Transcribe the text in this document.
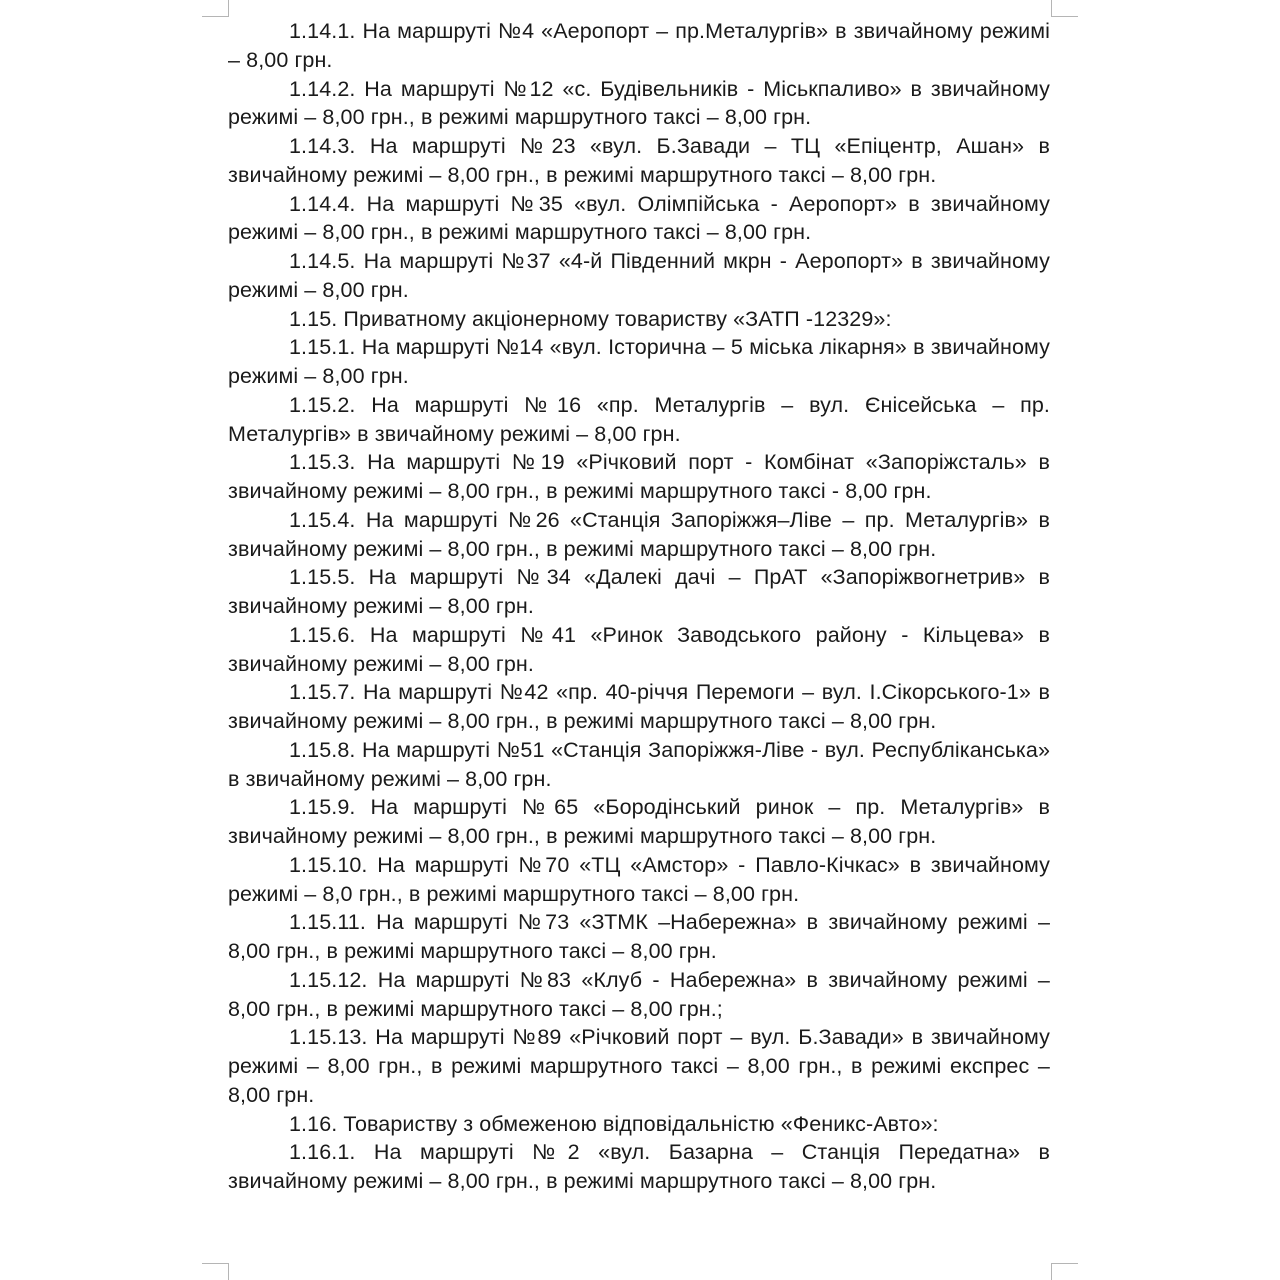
1.14.1. На маршруті №4 «Аеропорт – пр.Металургів» в звичайному режимі – 8,00 грн.

1.14.2. На маршруті №12 «с. Будівельників - Міськпаливо» в звичайному режимі – 8,00 грн., в режимі маршрутного таксі – 8,00 грн.

1.14.3. На маршруті №23 «вул. Б.Завади – ТЦ «Епіцентр, Ашан» в звичайному режимі – 8,00 грн., в режимі маршрутного таксі – 8,00 грн.

1.14.4. На маршруті №35 «вул. Олімпійська - Аеропорт» в звичайному режимі – 8,00 грн., в режимі маршрутного таксі – 8,00 грн.

1.14.5. На маршруті №37 «4-й Південний мкрн - Аеропорт» в звичайному режимі – 8,00 грн.

1.15. Приватному акціонерному товариству «ЗАТП -12329»:

1.15.1. На маршруті №14 «вул. Історична – 5 міська лікарня» в звичайному режимі – 8,00 грн.

1.15.2. На маршруті №16 «пр. Металургів – вул. Єнісейська – пр. Металургів» в звичайному режимі – 8,00 грн.

1.15.3. На маршруті №19 «Річковий порт - Комбінат «Запоріжсталь» в звичайному режимі – 8,00 грн., в режимі маршрутного таксі - 8,00 грн.

1.15.4. На маршруті №26 «Станція Запоріжжя–Ліве – пр. Металургів» в звичайному режимі – 8,00 грн., в режимі маршрутного таксі – 8,00 грн.

1.15.5. На маршруті №34 «Далекі дачі – ПрАТ «Запоріжвогнетрив» в звичайному режимі – 8,00 грн.

1.15.6. На маршруті №41 «Ринок Заводського району - Кільцева» в звичайному режимі – 8,00 грн.

1.15.7. На маршруті №42 «пр. 40-річчя Перемоги – вул. І.Сікорського-1» в звичайному режимі – 8,00 грн., в режимі маршрутного таксі – 8,00 грн.

1.15.8. На маршруті №51 «Станція Запоріжжя-Ліве - вул. Республіканська» в звичайному режимі – 8,00 грн.

1.15.9. На маршруті №65 «Бородінський ринок – пр. Металургів» в звичайному режимі – 8,00 грн., в режимі маршрутного таксі – 8,00 грн.

1.15.10. На маршруті №70 «ТЦ «Амстор» - Павло-Кічкас» в звичайному режимі – 8,0 грн., в режимі маршрутного таксі – 8,00 грн.

1.15.11. На маршруті №73 «ЗТМК –Набережна» в звичайному режимі – 8,00 грн., в режимі маршрутного таксі – 8,00 грн.

1.15.12. На маршруті №83 «Клуб - Набережна» в звичайному режимі – 8,00 грн., в режимі маршрутного таксі – 8,00 грн.;

1.15.13. На маршруті №89 «Річковий порт – вул. Б.Завади» в звичайному режимі – 8,00 грн., в режимі маршрутного таксі – 8,00 грн., в режимі експрес – 8,00 грн.

1.16. Товариству з обмеженою відповідальністю «Феникс-Авто»:

1.16.1. На маршруті №2 «вул. Базарна – Станція Передатна» в звичайному режимі – 8,00 грн., в режимі маршрутного таксі – 8,00 грн.
